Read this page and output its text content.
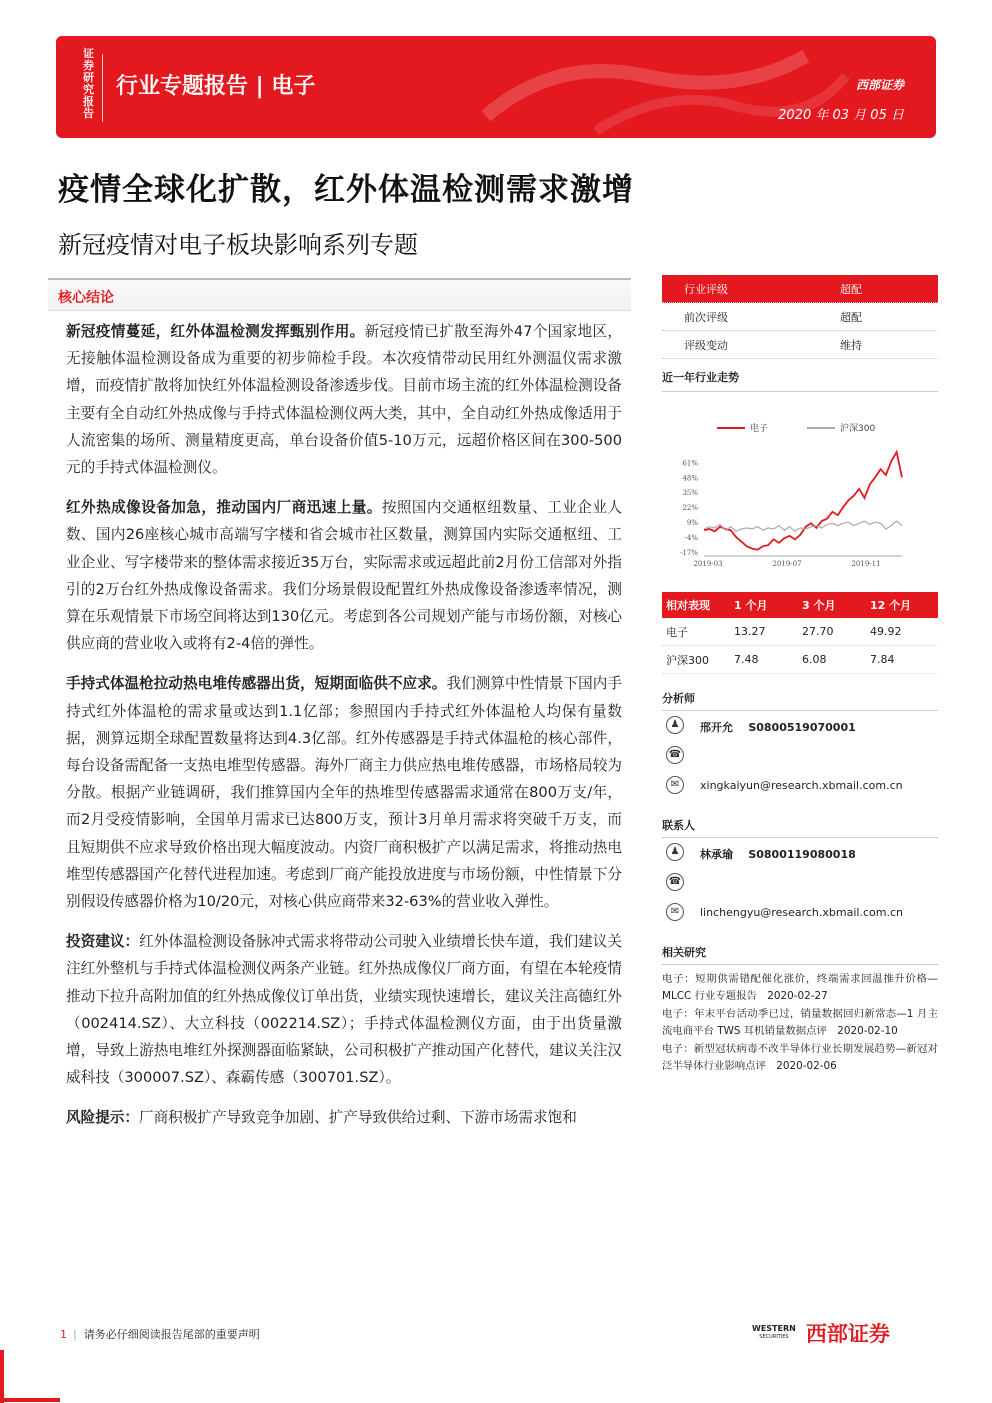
证券研究报告
行业专题报告 | 电子	西部证券
2020 年 03 月 05 日
疫情全球化扩散，红外体温检测需求激增
新冠疫情对电子板块影响系列专题
核心结论

新冠疫情蔓延，红外体温检测发挥甄别作用。新冠疫情已扩散至海外47个国家地区，无接触体温检测设备成为重要的初步筛检手段。本次疫情带动民用红外测温仪需求激增，而疫情扩散将加快红外体温检测设备渗透步伐。目前市场主流的红外体温检测设备主要有全自动红外热成像与手持式体温检测仪两大类，其中，全自动红外热成像适用于人流密集的场所、测量精度更高，单台设备价值5-10万元，远超价格区间在300-500元的手持式体温检测仪。

红外热成像设备加急，推动国内厂商迅速上量。按照国内交通枢纽数量、工业企业人数、国内26座核心城市高端写字楼和省会城市社区数量，测算国内实际交通枢纽、工业企业、写字楼带来的整体需求接近35万台，实际需求或远超此前2月份工信部对外指引的2万台红外热成像设备需求。我们分场景假设配置红外热成像设备渗透率情况，测算在乐观情景下市场空间将达到130亿元。考虑到各公司规划产能与市场份额，对核心供应商的营业收入或将有2-4倍的弹性。

手持式体温枪拉动热电堆传感器出货，短期面临供不应求。我们测算中性情景下国内手持式红外体温枪的需求量或达到1.1亿部；参照国内手持式红外体温枪人均保有量数据，测算远期全球配置数量将达到4.3亿部。红外传感器是手持式体温枪的核心部件，每台设备需配备一支热电堆型传感器。海外厂商主力供应热电堆传感器，市场格局较为分散。根据产业链调研，我们推算国内全年的热堆型传感器需求通常在800万支/年，而2月受疫情影响，全国单月需求已达800万支，预计3月单月需求将突破千万支，而且短期供不应求导致价格出现大幅度波动。内资厂商积极扩产以满足需求，将推动热电堆型传感器国产化替代进程加速。考虑到厂商产能投放进度与市场份额，中性情景下分别假设传感器价格为10/20元，对核心供应商带来32-63%的营业收入弹性。

投资建议：红外体温检测设备脉冲式需求将带动公司驶入业绩增长快车道，我们建议关注红外整机与手持式体温检测仪两条产业链。红外热成像仪厂商方面，有望在本轮疫情推动下拉升高附加值的红外热成像仪订单出货，业绩实现快速增长，建议关注高德红外（002414.SZ）、大立科技（002214.SZ）；手持式体温检测仪方面，由于出货量激增，导致上游热电堆红外探测器面临紧缺，公司积极扩产推动国产化替代，建议关注汉威科技（300007.SZ）、森霸传感（300701.SZ）。

风险提示：厂商积极扩产导致竞争加剧、扩产导致供给过剩、下游市场需求饱和

行业评级	超配
前次评级	超配
评级变动	维持
近一年行业走势
电子	沪深300
61%
48%
35%
22%
9%
-4%
-17%
2019-03	2019-07	2019-11
相对表现	1 个月	3 个月	12 个月
电子	13.27	27.70	49.92
沪深300	7.48	6.08	7.84
分析师
♟	邢开允 S0800519070001
☎
✉	xingkaiyun@research.xbmail.com.cn
联系人
♟	林承瑜 S0800119080018
☎
✉	linchengyu@research.xbmail.com.cn
相关研究

电子：短期供需错配催化涨价，终端需求回温推升价格—MLCC 行业专题报告　2020-02-27

电子：年末平台活动季已过，销量数据回归新常态—1 月主流电商平台 TWS 耳机销量数据点评　2020-02-10

电子：新型冠状病毒不改半导体行业长期发展趋势—新冠对泛半导体行业影响点评　2020-02-06

1 | 请务必仔细阅读报告尾部的重要声明	WESTERN
SECURITIES 西部证券
